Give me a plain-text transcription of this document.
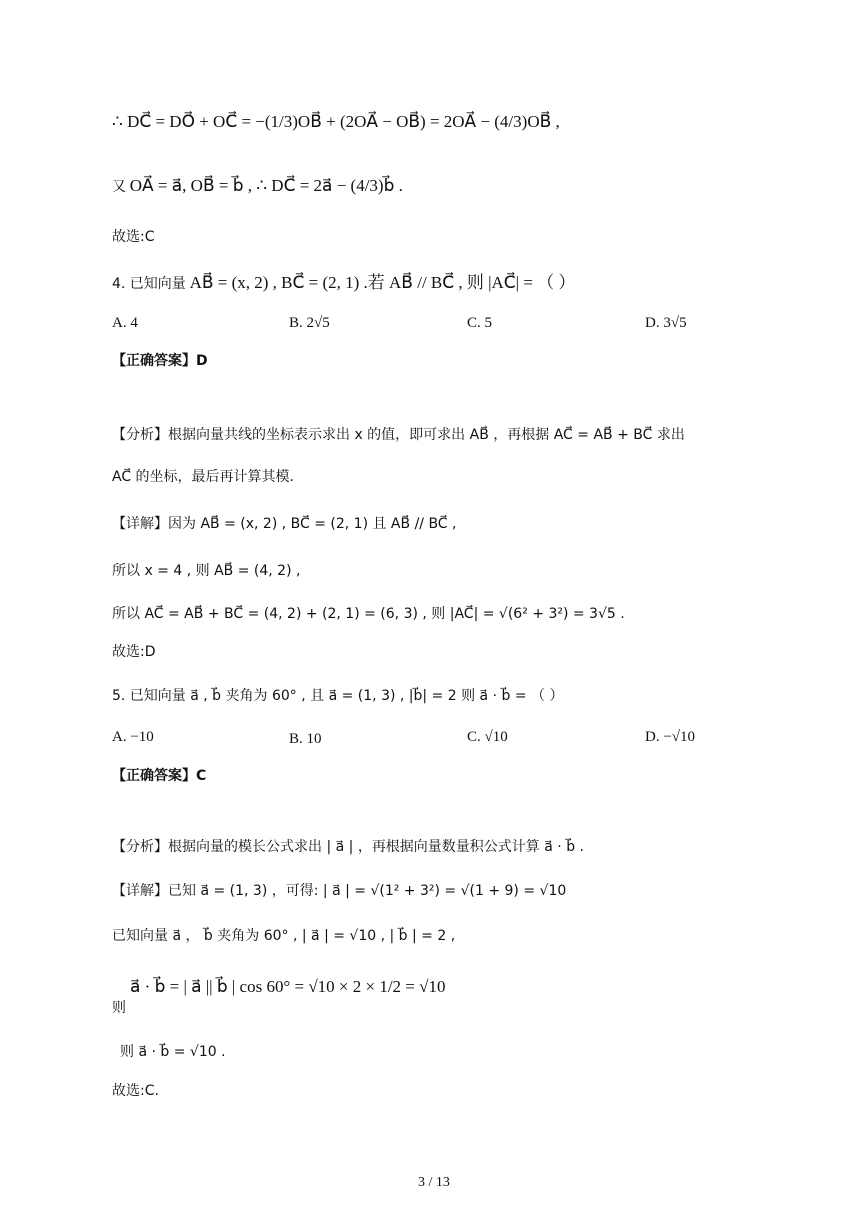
∴ DC⃗ = DO⃗ + OC⃗ = −(1/3)OB⃗ + (2OA⃗ − OB⃗) = 2OA⃗ − (4/3)OB⃗ ,
又 OA⃗ = a⃗, OB⃗ = b⃗ , ∴ DC⃗ = 2a⃗ − (4/3)b⃗ .
故选:C
4. 已知向量 AB⃗ = (x, 2) , BC⃗ = (2, 1) .若 AB⃗ // BC⃗ , 则 |AC⃗| = （ ）
A. 4	B. 2√5	C. 5	D. 3√5
【正确答案】D
【分析】根据向量共线的坐标表示求出 x 的值，即可求出 AB⃗ ，再根据 AC⃗ = AB⃗ + BC⃗ 求出
AC⃗ 的坐标，最后再计算其模.
【详解】因为 AB⃗ = (x, 2) , BC⃗ = (2, 1) 且 AB⃗ // BC⃗ ,
所以 x = 4 , 则 AB⃗ = (4, 2) ,
所以 AC⃗ = AB⃗ + BC⃗ = (4, 2) + (2, 1) = (6, 3) , 则 |AC⃗| = √(6² + 3²) = 3√5 .
故选:D
5. 已知向量 a⃗ , b⃗ 夹角为 60° , 且 a⃗ = (1, 3) , |b⃗| = 2 则 a⃗ · b⃗ = （ ）
A. −10	B. 10	C. √10	D. −√10
【正确答案】C
【分析】根据向量的模长公式求出 | a⃗ | ，再根据向量数量积公式计算 a⃗ · b⃗ .
【详解】已知 a⃗ = (1, 3) ，可得: | a⃗ | = √(1² + 3²) = √(1 + 9) = √10
已知向量 a⃗ ， b⃗ 夹角为 60° , | a⃗ | = √10 , | b⃗ | = 2 ,
a⃗ · b⃗ = | a⃗ || b⃗ | cos 60° = √10 × 2 × 1/2 = √10
则
则 a⃗ · b⃗ = √10 .
故选:C.
3 / 13
